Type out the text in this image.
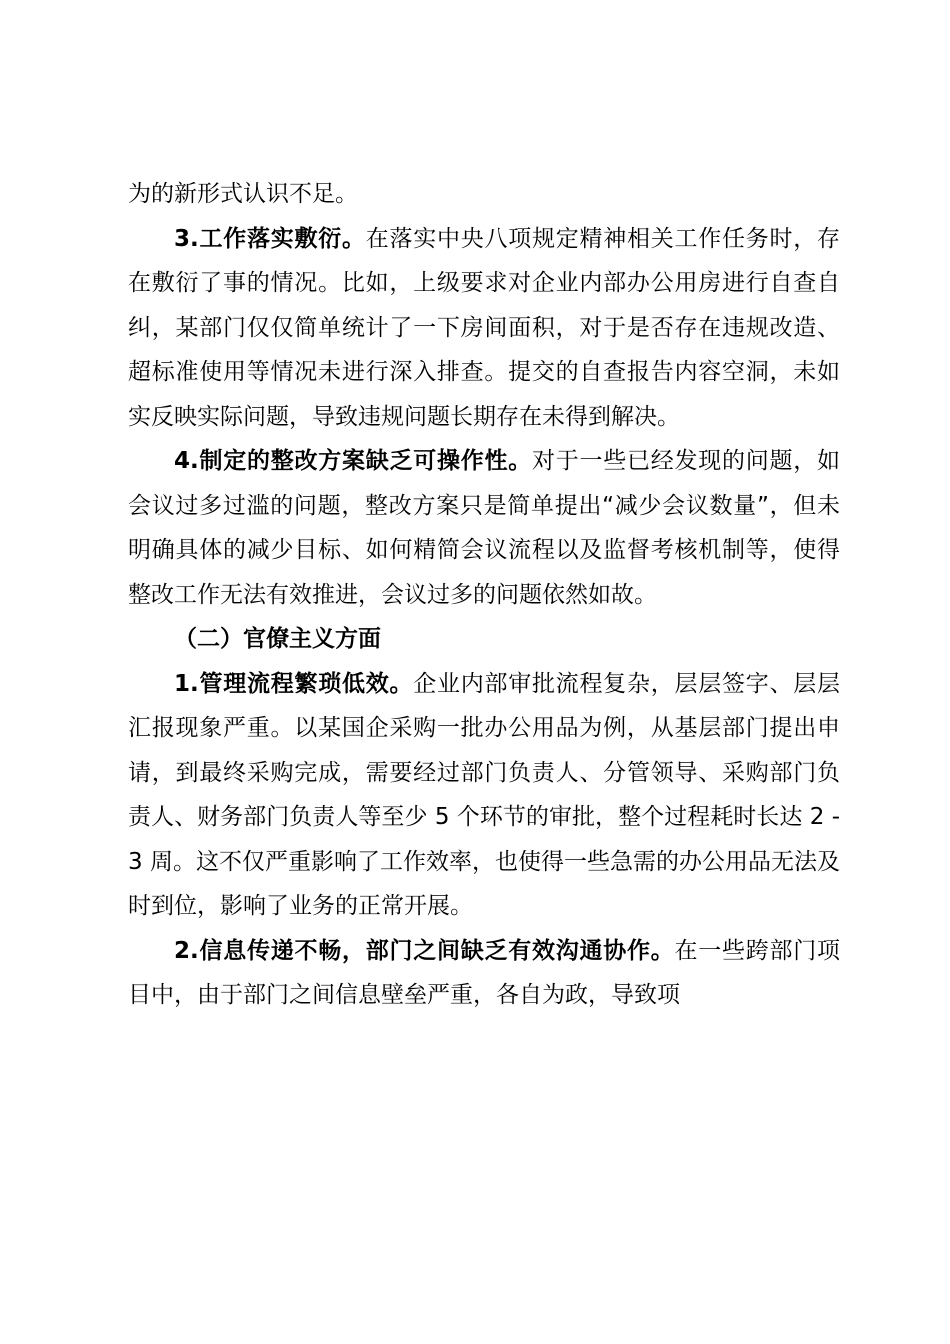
为的新形式认识不足。

3.工作落实敷衍。在落实中央八项规定精神相关工作任务时，存在敷衍了事的情况。比如，上级要求对企业内部办公用房进行自查自纠，某部门仅仅简单统计了一下房间面积，对于是否存在违规改造、超标准使用等情况未进行深入排查。提交的自查报告内容空洞，未如实反映实际问题，导致违规问题长期存在未得到解决。

4.制定的整改方案缺乏可操作性。对于一些已经发现的问题，如会议过多过滥的问题，整改方案只是简单提出“减少会议数量”，但未明确具体的减少目标、如何精简会议流程以及监督考核机制等，使得整改工作无法有效推进，会议过多的问题依然如故。

（二）官僚主义方面

1.管理流程繁琐低效。企业内部审批流程复杂，层层签字、层层汇报现象严重。以某国企采购一批办公用品为例，从基层部门提出申请，到最终采购完成，需要经过部门负责人、分管领导、采购部门负责人、财务部门负责人等至少 5 个环节的审批，整个过程耗时长达 2 - 3 周。这不仅严重影响了工作效率，也使得一些急需的办公用品无法及时到位，影响了业务的正常开展。

2.信息传递不畅，部门之间缺乏有效沟通协作。在一些跨部门项目中，由于部门之间信息壁垒严重，各自为政，导致项
